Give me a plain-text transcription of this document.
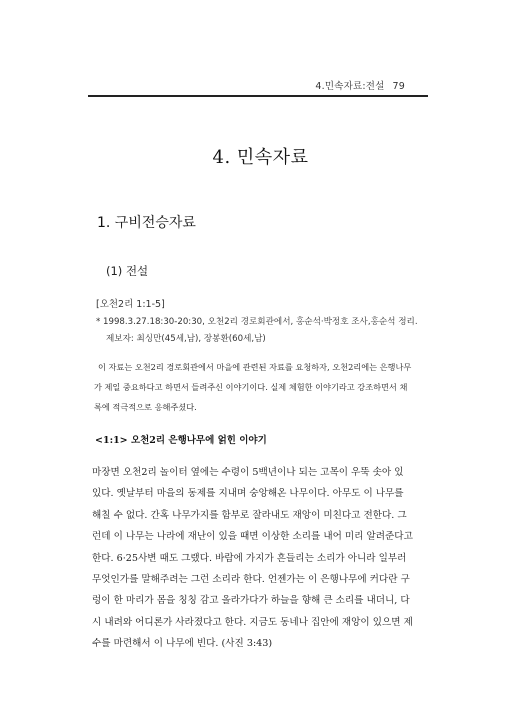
4.민속자료:전설 79
4. 민속자료
1. 구비전승자료
(1) 전설
[오천2리 1:1-5]
* 1998.3.27.18:30-20:30, 오천2리 경로회관에서, 홍순석·박정호 조사,홍순석 정리.
제보자: 최싱만(45세,남), 장봉환(60세,남)
이 자료는 오천2리 경로회관에서 마을에 관련된 자료를 요청하자, 오천2리에는 은행나무
가 제일 중요하다고 하면서 들려주신 이야기이다. 실제 체험한 이야기라고 강조하면서 채
록에 적극적으로 응해주셨다.
<1:1> 오천2리 은행나무에 얽힌 이야기
마장면 오천2리 놀이터 옆에는 수령이 5백년이나 되는 고목이 우뚝 솟아 있
있다. 옛날부터 마을의 동제를 지내며 숭앙해온 나무이다. 아무도 이 나무를
해칠 수 없다. 간혹 나무가지를 함부로 잘라내도 재앙이 미친다고 전한다. 그
런데 이 나무는 나라에 재난이 있을 때면 이상한 소리를 내어 미리 알려준다고
한다. 6·25사변 때도 그랬다. 바람에 가지가 흔들리는 소리가 아니라 일부러
무엇인가를 말해주려는 그런 소리라 한다. 언젠가는 이 은행나무에 커다란 구
렁이 한 마리가 몸을 칭칭 감고 올라가다가 하늘을 향해 큰 소리를 내더니, 다
시 내려와 어디론가 사라졌다고 한다. 지금도 동네나 집안에 재앙이 있으면 제
수를 마련해서 이 나무에 빈다. (사진 3:43)
